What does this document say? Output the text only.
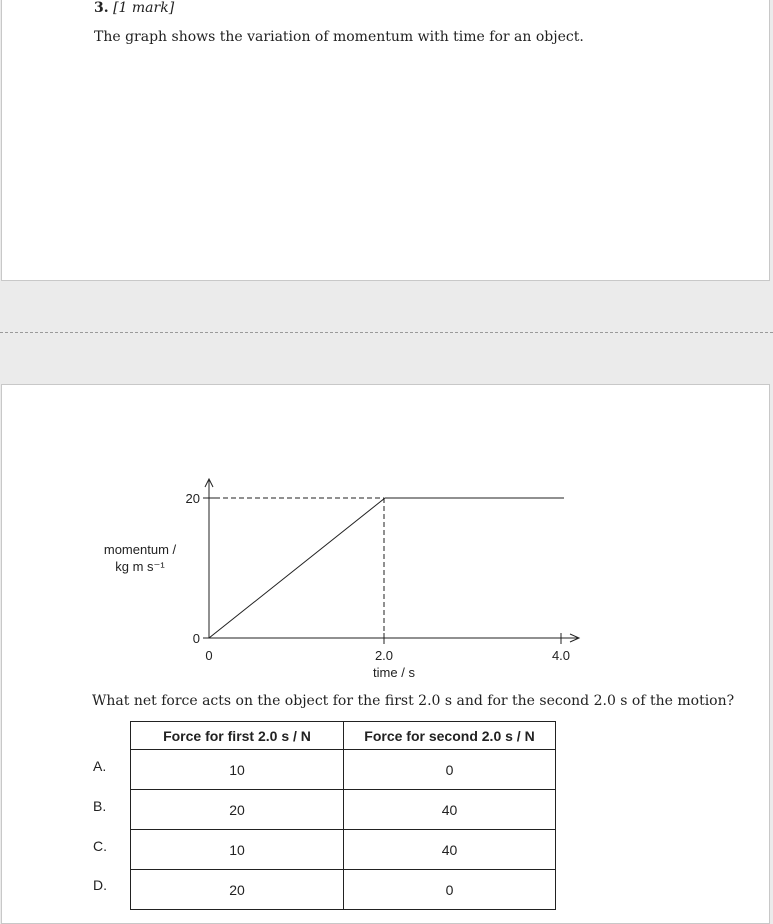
3. [1 mark]
The graph shows the variation of momentum with time for an object.
20
0
0	2.0	4.0
time / s
momentum /
kg m s⁻¹
What net force acts on the object for the first 2.0 s and for the second 2.0 s of the motion?
Force for first 2.0 s / N	Force for second 2.0 s / N
10	0
20	40
10	40
20	0
A.
B.
C.
D.
